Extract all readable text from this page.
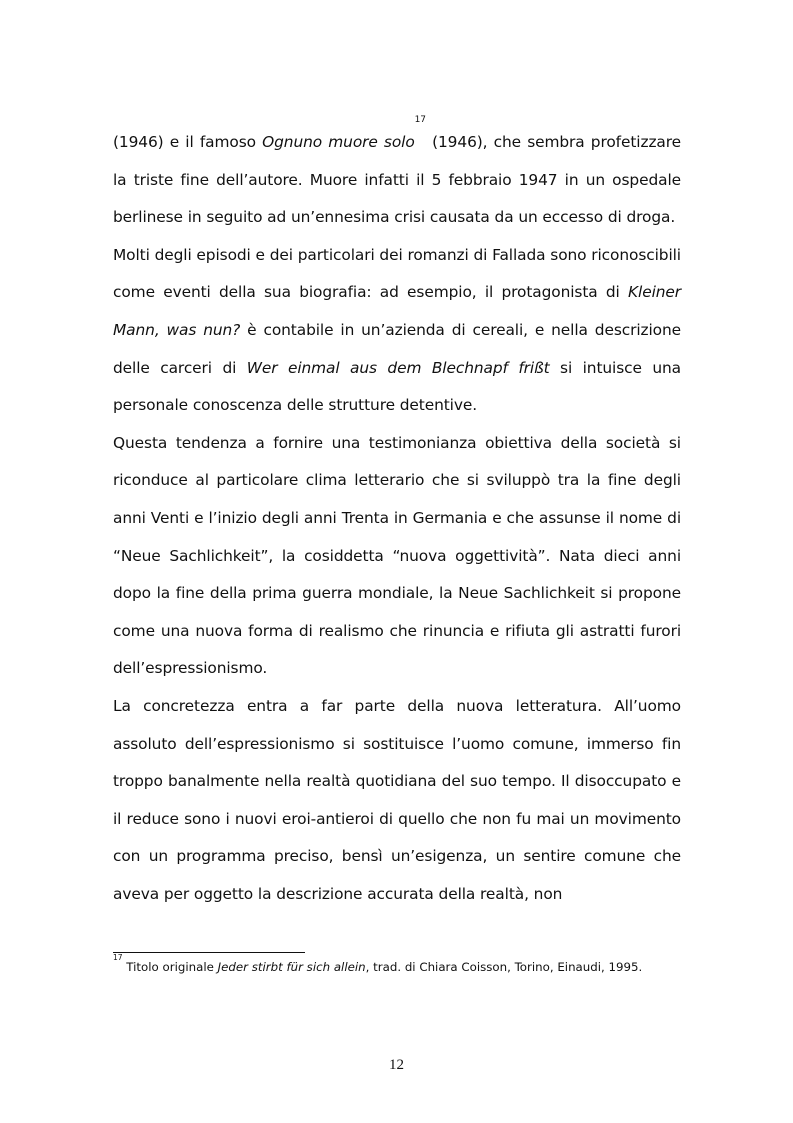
(1946) e il famoso Ognuno muore solo$^{17}$ (1946), che sembra profetizzare la triste fine dell’autore. Muore infatti il 5 febbraio 1947 in un ospedale berlinese in seguito ad un’ennesima crisi causata da un eccesso di droga.

Molti degli episodi e dei particolari dei romanzi di Fallada sono riconoscibili come eventi della sua biografia: ad esempio, il protagonista di Kleiner Mann, was nun? è contabile in un’azienda di cereali, e nella descrizione delle carceri di Wer einmal aus dem Blechnapf frißt si intuisce una personale conoscenza delle strutture detentive.

Questa tendenza a fornire una testimonianza obiettiva della società si riconduce al particolare clima letterario che si sviluppò tra la fine degli anni Venti e l’inizio degli anni Trenta in Germania e che assunse il nome di “Neue Sachlichkeit”, la cosiddetta “nuova oggettività”. Nata dieci anni dopo la fine della prima guerra mondiale, la Neue Sachlichkeit si propone come una nuova forma di realismo che rinuncia e rifiuta gli astratti furori dell’espressionismo.

La concretezza entra a far parte della nuova letteratura. All’uomo assoluto dell’espressionismo si sostituisce l’uomo comune, immerso fin troppo banalmente nella realtà quotidiana del suo tempo. Il disoccupato e il reduce sono i nuovi eroi-antieroi di quello che non fu mai un movimento con un programma preciso, bensì un’esigenza, un sentire comune che aveva per oggetto la descrizione accurata della realtà, non

$^{17}$ Titolo originale Jeder stirbt für sich allein, trad. di Chiara Coisson, Torino, Einaudi, 1995.
12
